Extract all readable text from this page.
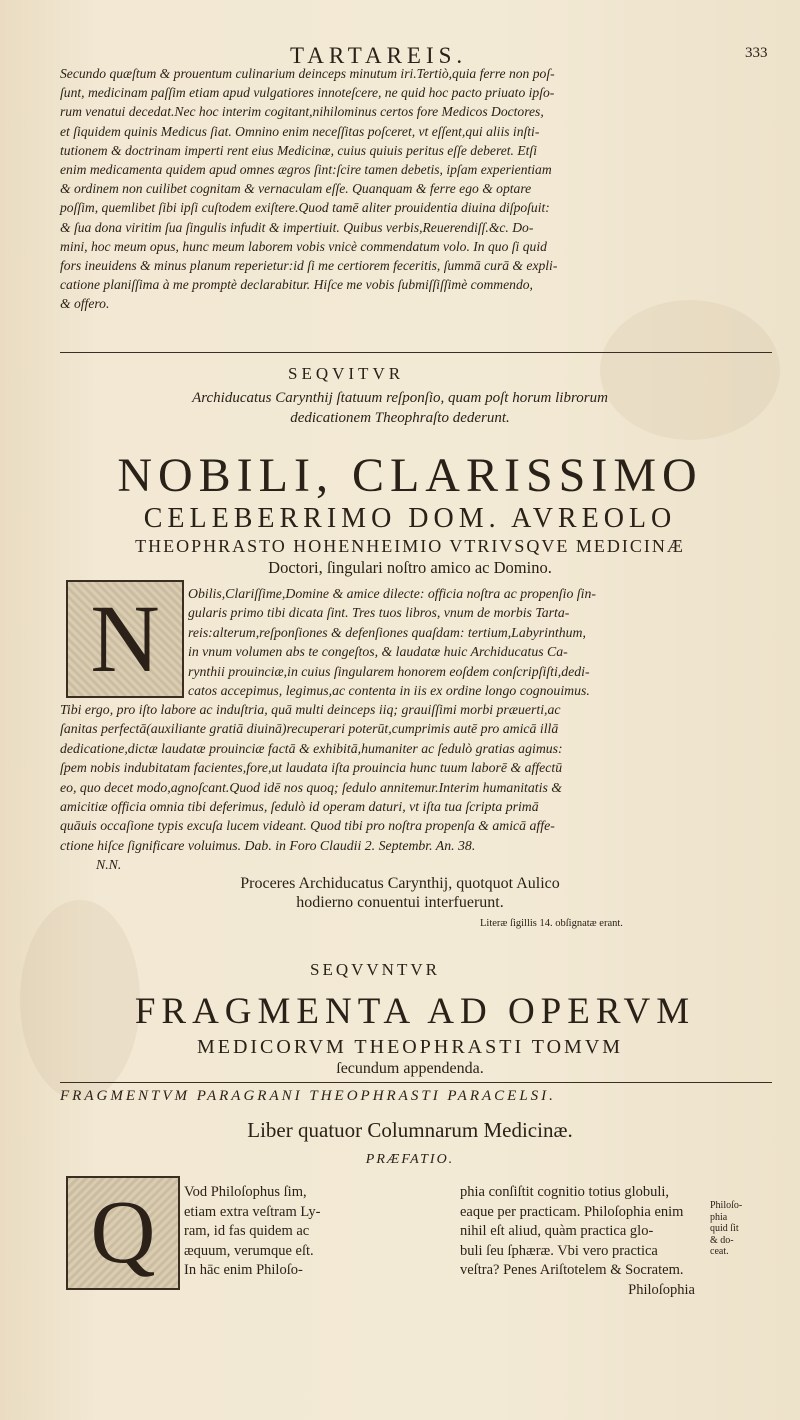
TARTAREIS.	333
Secundo quæſtum & prouentum culinarium deinceps minutum iri.Tertiò,quia ferre non poſ-
ſunt, medicinam paſſim etiam apud vulgatiores innoteſcere, ne quid hoc pacto priuato ipſo-
rum venatui decedat.Nec hoc interim cogitant,nihilominus certos fore Medicos Doctores,
et ſiquidem quinis Medicus ſiat. Omnino enim neceſſitas poſceret, vt eſſent,qui aliis inſti-
tutionem & doctrinam imperti rent eius Medicinæ, cuius quiuis peritus eſſe deberet. Etſi
enim medicamenta quidem apud omnes ægros ſint:ſcire tamen debetis, ipſam experientiam
& ordinem non cuilibet cognitam & vernaculam eſſe. Quanquam & ferre ego & optare
poſſim, quemlibet ſibi ipſi cuſtodem exiſtere.Quod tamē aliter prouidentia diuina diſpoſuit:
& ſua dona viritim ſua ſingulis infudit & impertiuit. Quibus verbis,Reuerendiſſ.&c. Do-
mini, hoc meum opus, hunc meum laborem vobis vnicè commendatum volo. In quo ſi quid
fors ineuidens & minus planum reperietur:id ſi me certiorem feceritis, ſummā curā & expli-
catione planiſſima à me promptè declarabitur. Hiſce me vobis ſubmiſſiſſimè commendo,
& offero.
SEQVITVR
Archiducatus Carynthij ſtatuum reſponſio, quam poſt horum librorum
dedicationem Theophraſto dederunt.
NOBILI, CLARISSIMO
CELEBERRIMO DOM. AVREOLO
THEOPHRASTO HOHENHEIMIO VTRIVSQVE MEDICINÆ
Doctori, ſingulari noſtro amico ac Domino.
N	Obilis,Clariſſime,Domine & amice dilecte: officia noſtra ac propenſio ſin-
gularis primo tibi dicata ſint. Tres tuos libros, vnum de morbis Tarta-
reis:alterum,reſponſiones & defenſiones quaſdam: tertium,Labyrinthum,
in vnum volumen abs te congeſtos, & laudatæ huic Archiducatus Ca-
rynthii prouinciæ,in cuius ſingularem honorem eoſdem conſcripſiſti,dedi-
catos accepimus, legimus,ac contenta in iis ex ordine longo cognouimus.
Tibi ergo, pro iſto labore ac induſtria, quā multi deinceps iiq; grauiſſimi morbi præuerti,ac
ſanitas perfectā(auxiliante gratiā diuinā)recuperari poterūt,cumprimis autē pro amicā illā
dedicatione,dictæ laudatæ prouinciæ factā & exhibitā,humaniter ac ſedulò gratias agimus:
ſpem nobis indubitatam facientes,fore,ut laudata iſta prouincia hunc tuum laborē & affectū
eo, quo decet modo,agnoſcant.Quod idē nos quoq; ſedulo annitemur.Interim humanitatis &
amicitiæ officia omnia tibi deferimus, ſedulò id operam daturi, vt iſta tua ſcripta primā
quāuis occaſione typis excuſa lucem videant. Quod tibi pro noſtra propenſa & amicā affe-
ctione hiſce ſignificare voluimus. Dab. in Foro Claudii 2. Septembr. An. 38.
N.N.
Proceres Archiducatus Carynthij, quotquot Aulico
hodierno conuentui interfuerunt.
Literæ ſigillis 14. obſignatæ erant.
SEQVVNTVR
FRAGMENTA AD OPERVM
MEDICORVM THEOPHRASTI TOMVM
ſecundum appendenda.
FRAGMENTVM PARAGRANI THEOPHRASTI PARACELSI.
Liber quatuor Columnarum Medicinæ.
PRÆFATIO.
Q	Vod Philoſophus ſim,
etiam extra veſtram Ly-
ram, id fas quidem ac
æquum, verumque eſt.
In hāc enim Philoſo-
phia conſiſtit cognitio totius globuli,
eaque per practicam. Philoſophia enim
nihil eſt aliud, quàm practica glo-
buli ſeu ſphæræ. Vbi vero practica
veſtra? Penes Ariſtotelem & Socratem.
Philoſophia
Philoſo-
phia
quid ſit
& do-
ceat.
